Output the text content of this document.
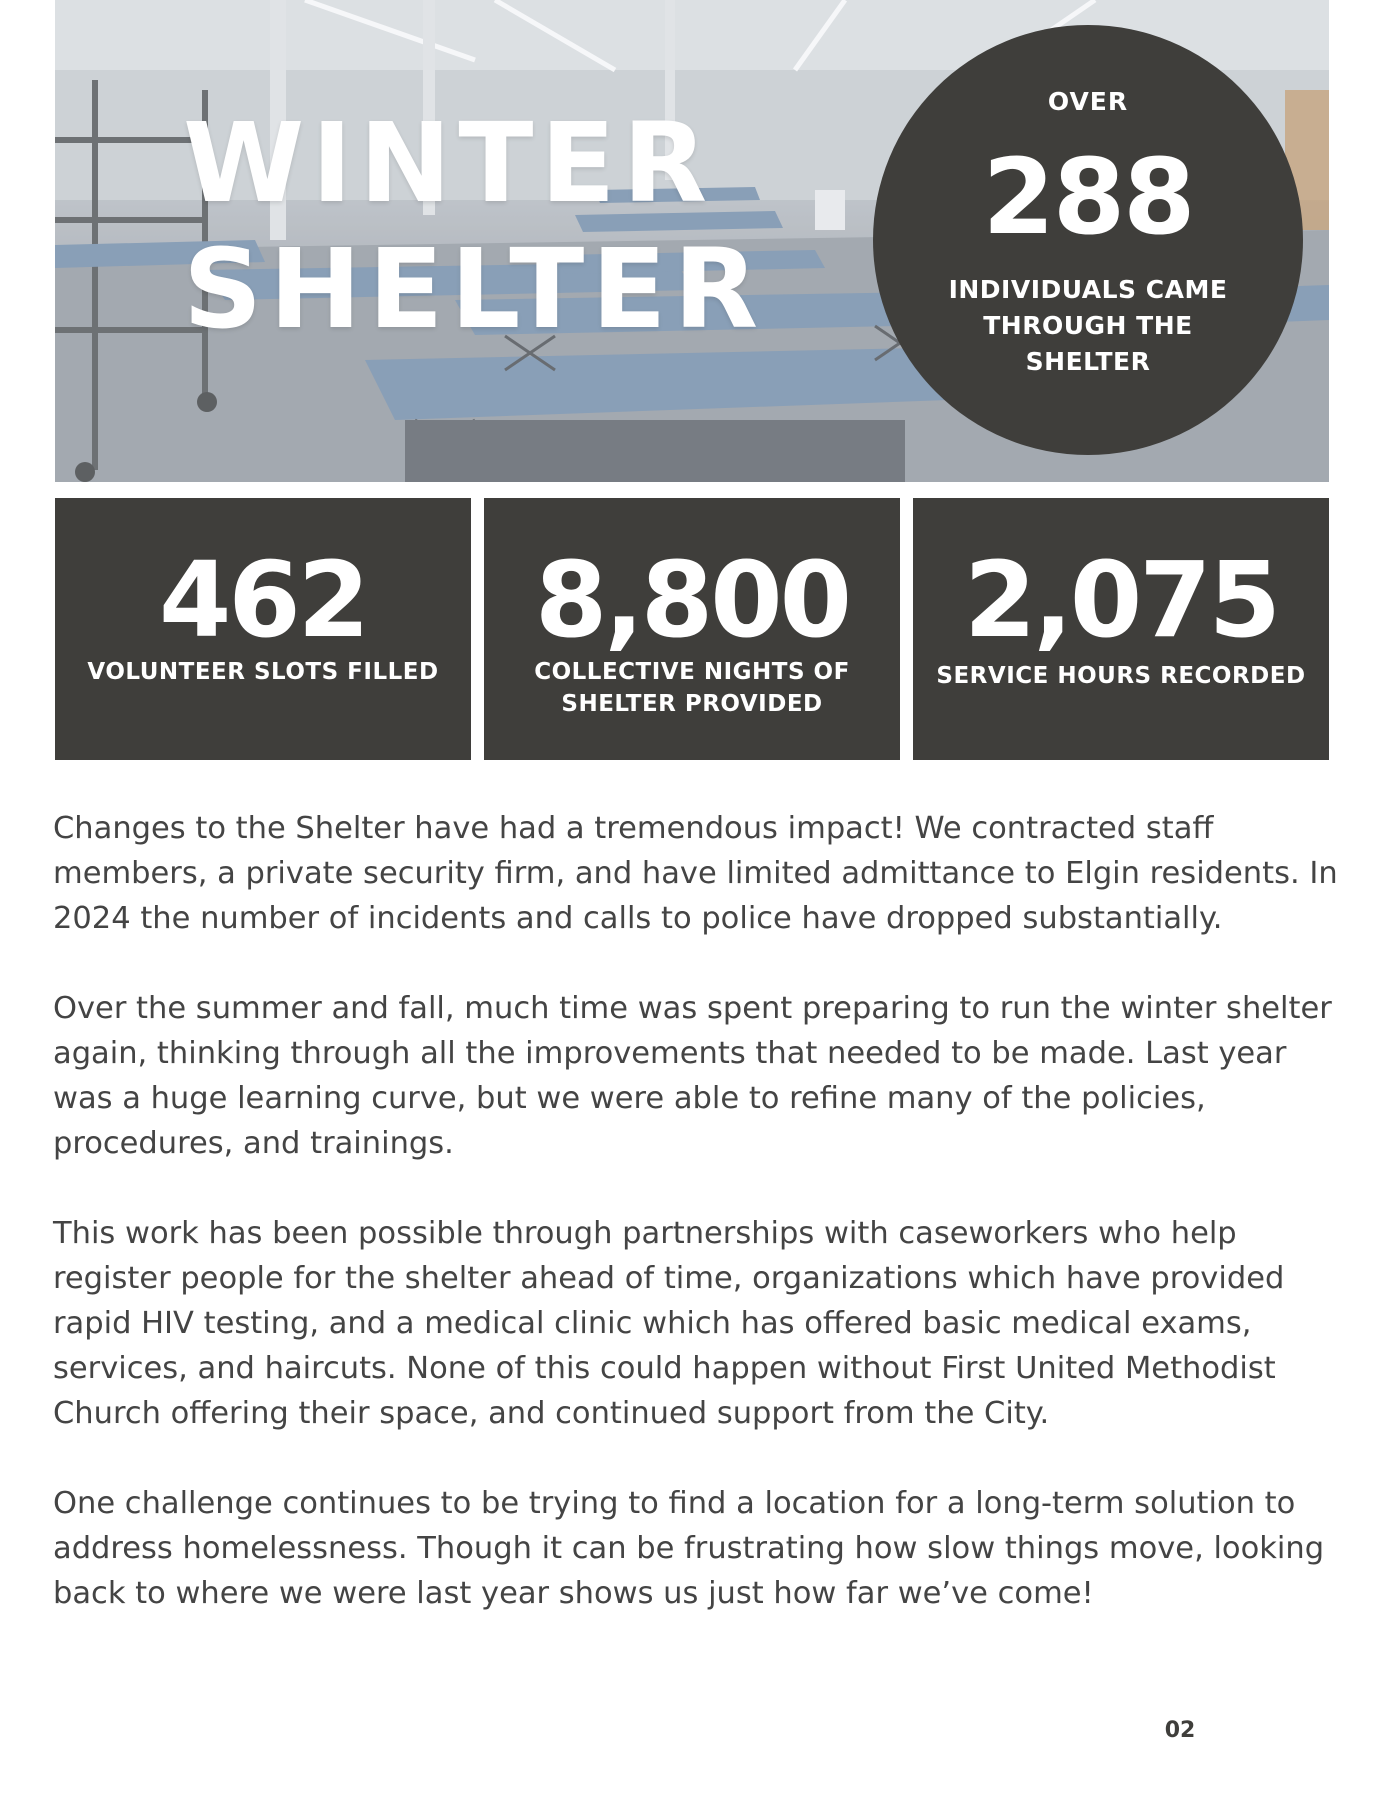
WINTER
SHELTER
OVER
288
INDIVIDUALS CAME THROUGH THE SHELTER
462
VOLUNTEER SLOTS FILLED
8,800
COLLECTIVE NIGHTS OF SHELTER PROVIDED
2,075
SERVICE HOURS RECORDED

Changes to the Shelter have had a tremendous impact! We contracted staff members, a private security firm, and have limited admittance to Elgin residents. In 2024 the number of incidents and calls to police have dropped substantially.

Over the summer and fall, much time was spent preparing to run the winter shelter again, thinking through all the improvements that needed to be made. Last year was a huge learning curve, but we were able to refine many of the policies, procedures, and trainings.

This work has been possible through partnerships with caseworkers who help register people for the shelter ahead of time, organizations which have provided rapid HIV testing, and a medical clinic which has offered basic medical exams, services, and haircuts. None of this could happen without First United Methodist Church offering their space, and continued support from the City.

One challenge continues to be trying to find a location for a long-term solution to address homelessness. Though it can be frustrating how slow things move, looking back to where we were last year shows us just how far we’ve come!

02
